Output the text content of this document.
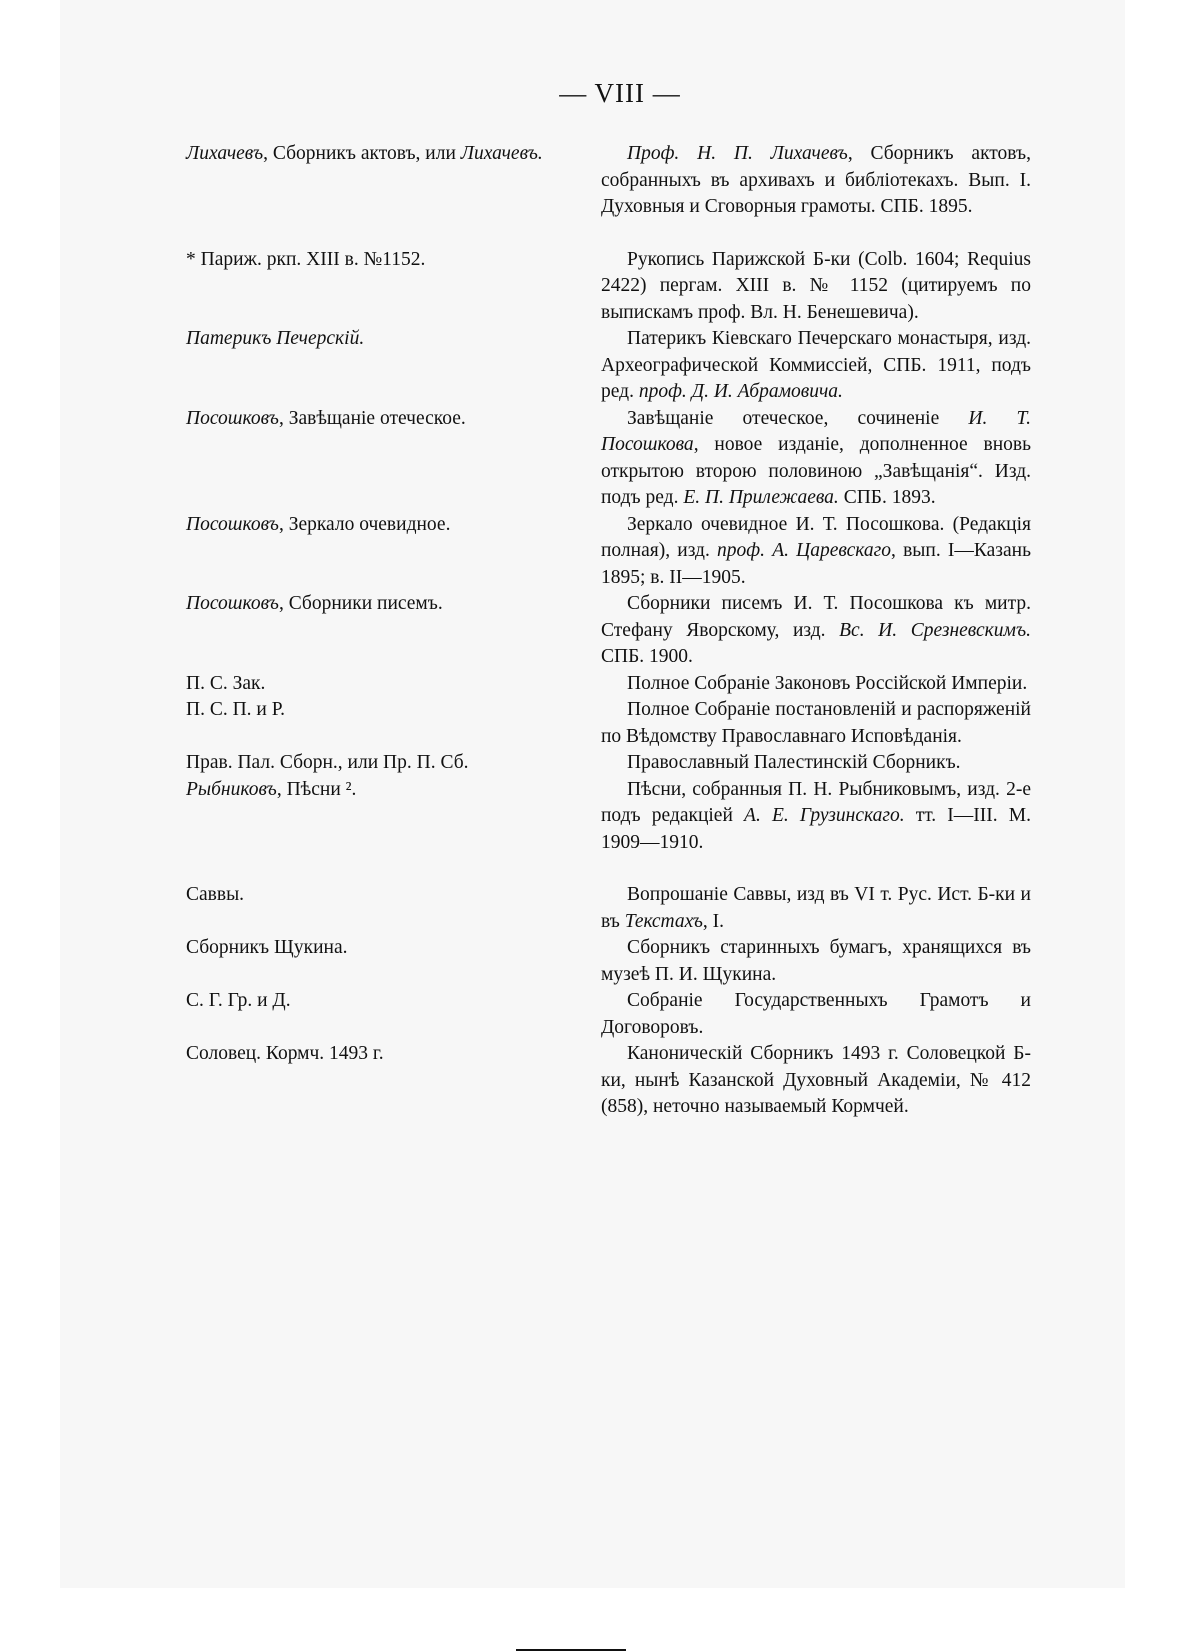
— VIII —
Лихачевъ, Сборникъ актовъ, или Лихачевъ.	Проф. Н. П. Лихачевъ, Сборникъ актовъ, собранныхъ въ архивахъ и библіотекахъ. Вып. I. Духовныя и Сговорныя грамоты. СПБ. 1895.
* Париж. ркп. XIII в. №1152.	Рукопись Парижской Б-ки (Colb. 1604; Requius 2422) пергам. XIII в. № 1152 (цитируемъ по выпискамъ проф. Вл. Н. Бенешевича).
Патерикъ Печерскій.	Патерикъ Кіевскаго Печерскаго монастыря, изд. Археографической Коммиссіей, СПБ. 1911, подъ ред. проф. Д. И. Абрамовича.
Посошковъ, Завѣщаніе отеческое.	Завѣщаніе отеческое, сочиненіе И. Т. Посошкова, новое изданіе, дополненное вновь открытою второю половиною „Завѣщанія“. Изд. подъ ред. Е. П. Прилежаева. СПБ. 1893.
Посошковъ, Зеркало очевидное.	Зеркало очевидное И. Т. Посошкова. (Редакція полная), изд. проф. А. Царевскаго, вып. I—Казань 1895; в. II—1905.
Посошковъ, Сборники писемъ.	Сборники писемъ И. Т. Посошкова къ митр. Стефану Яворскому, изд. Вс. И. Срезневскимъ. СПБ. 1900.
П. С. Зак.	Полное Собраніе Законовъ Россійской Имперіи.
П. С. П. и Р.	Полное Собраніе постановленій и распоряженій по Вѣдомству Православнаго Исповѣданія.
Прав. Пал. Сборн., или Пр. П. Сб.	Православный Палестинскій Сборникъ.
Рыбниковъ, Пѣсни ².	Пѣсни, собранныя П. Н. Рыбниковымъ, изд. 2-е подъ редакціей А. Е. Грузинскаго. тт. I—III. М. 1909—1910.
Саввы.	Вопрошаніе Саввы, изд въ VI т. Рус. Ист. Б-ки и въ Текстахъ, I.
Сборникъ Щукина.	Сборникъ старинныхъ бумагъ, хранящихся въ музеѣ П. И. Щукина.
С. Г. Гр. и Д.	Собраніе Государственныхъ Грамотъ и Договоровъ.
Соловец. Кормч. 1493 г.	Каноническій Сборникъ 1493 г. Соловецкой Б-ки, нынѣ Казанской Духовный Академіи, № 412 (858), неточно называемый Кормчей.
